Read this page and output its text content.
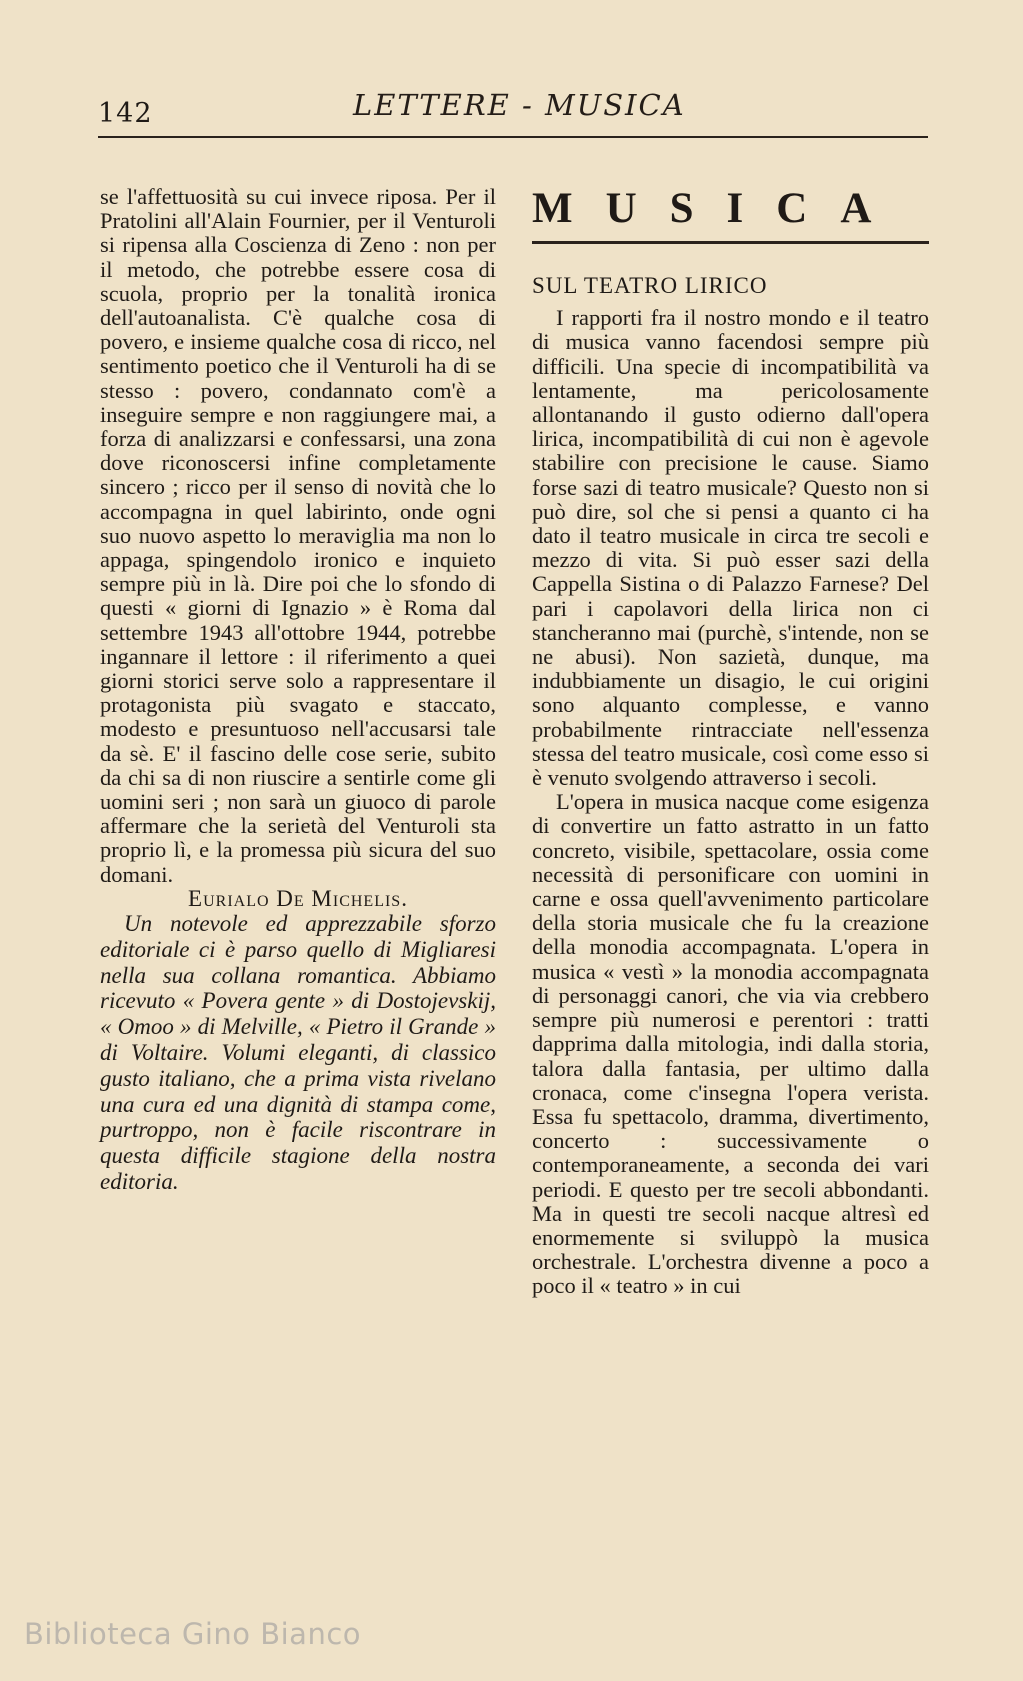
142	LETTERE - MUSICA

se l'affettuosità su cui invece riposa. Per il Pratolini all'Alain Fournier, per il Venturoli si ripensa alla Coscienza di Zeno : non per il metodo, che potrebbe essere cosa di scuola, proprio per la tonalità ironica dell'autoanalista. C'è qualche cosa di povero, e insieme qualche cosa di ricco, nel sentimento poetico che il Venturoli ha di se stesso : povero, condannato com'è a inseguire sempre e non raggiungere mai, a forza di analizzarsi e confessarsi, una zona dove riconoscersi infine completamente sincero ; ricco per il senso di novità che lo accompagna in quel labirinto, onde ogni suo nuovo aspetto lo meraviglia ma non lo appaga, spingendolo ironico e inquieto sempre più in là. Dire poi che lo sfondo di questi « giorni di Ignazio » è Roma dal settembre 1943 all'ottobre 1944, potrebbe ingannare il lettore : il riferimento a quei giorni storici serve solo a rappresentare il protagonista più svagato e staccato, modesto e presuntuoso nell'accusarsi tale da sè. E' il fascino delle cose serie, subito da chi sa di non riuscire a sentirle come gli uomini seri ; non sarà un giuoco di parole affermare che la serietà del Venturoli sta proprio lì, e la promessa più sicura del suo domani.

Eurialo De Michelis.

Un notevole ed apprezzabile sforzo editoriale ci è parso quello di Migliaresi nella sua collana romantica. Abbiamo ricevuto « Povera gente » di Dostojevskij, « Omoo » di Melville, « Pietro il Grande » di Voltaire. Volumi eleganti, di classico gusto italiano, che a prima vista rivelano una cura ed una dignità di stampa come, purtroppo, non è facile riscontrare in questa difficile stagione della nostra editoria.

MUSICA
SUL TEATRO LIRICO

I rapporti fra il nostro mondo e il teatro di musica vanno facendosi sempre più difficili. Una specie di incompatibilità va lentamente, ma pericolosamente allontanando il gusto odierno dall'opera lirica, incompatibilità di cui non è agevole stabilire con precisione le cause. Siamo forse sazi di teatro musicale? Questo non si può dire, sol che si pensi a quanto ci ha dato il teatro musicale in circa tre secoli e mezzo di vita. Si può esser sazi della Cappella Sistina o di Palazzo Farnese? Del pari i capolavori della lirica non ci stancheranno mai (purchè, s'intende, non se ne abusi). Non sazietà, dunque, ma indubbiamente un disagio, le cui origini sono alquanto complesse, e vanno probabilmente rintracciate nell'essenza stessa del teatro musicale, così come esso si è venuto svolgendo attraverso i secoli.

L'opera in musica nacque come esigenza di convertire un fatto astratto in un fatto concreto, visibile, spettacolare, ossia come necessità di personificare con uomini in carne e ossa quell'avvenimento particolare della storia musicale che fu la creazione della monodia accompagnata. L'opera in musica « vestì » la monodia accompagnata di personaggi canori, che via via crebbero sempre più numerosi e perentori : tratti dapprima dalla mitologia, indi dalla storia, talora dalla fantasia, per ultimo dalla cronaca, come c'insegna l'opera verista. Essa fu spettacolo, dramma, divertimento, concerto : successivamente o contemporaneamente, a seconda dei vari periodi. E questo per tre secoli abbondanti. Ma in questi tre secoli nacque altresì ed enormemente si sviluppò la musica orchestrale. L'orchestra divenne a poco a poco il « teatro » in cui

Biblioteca Gino Bianco
